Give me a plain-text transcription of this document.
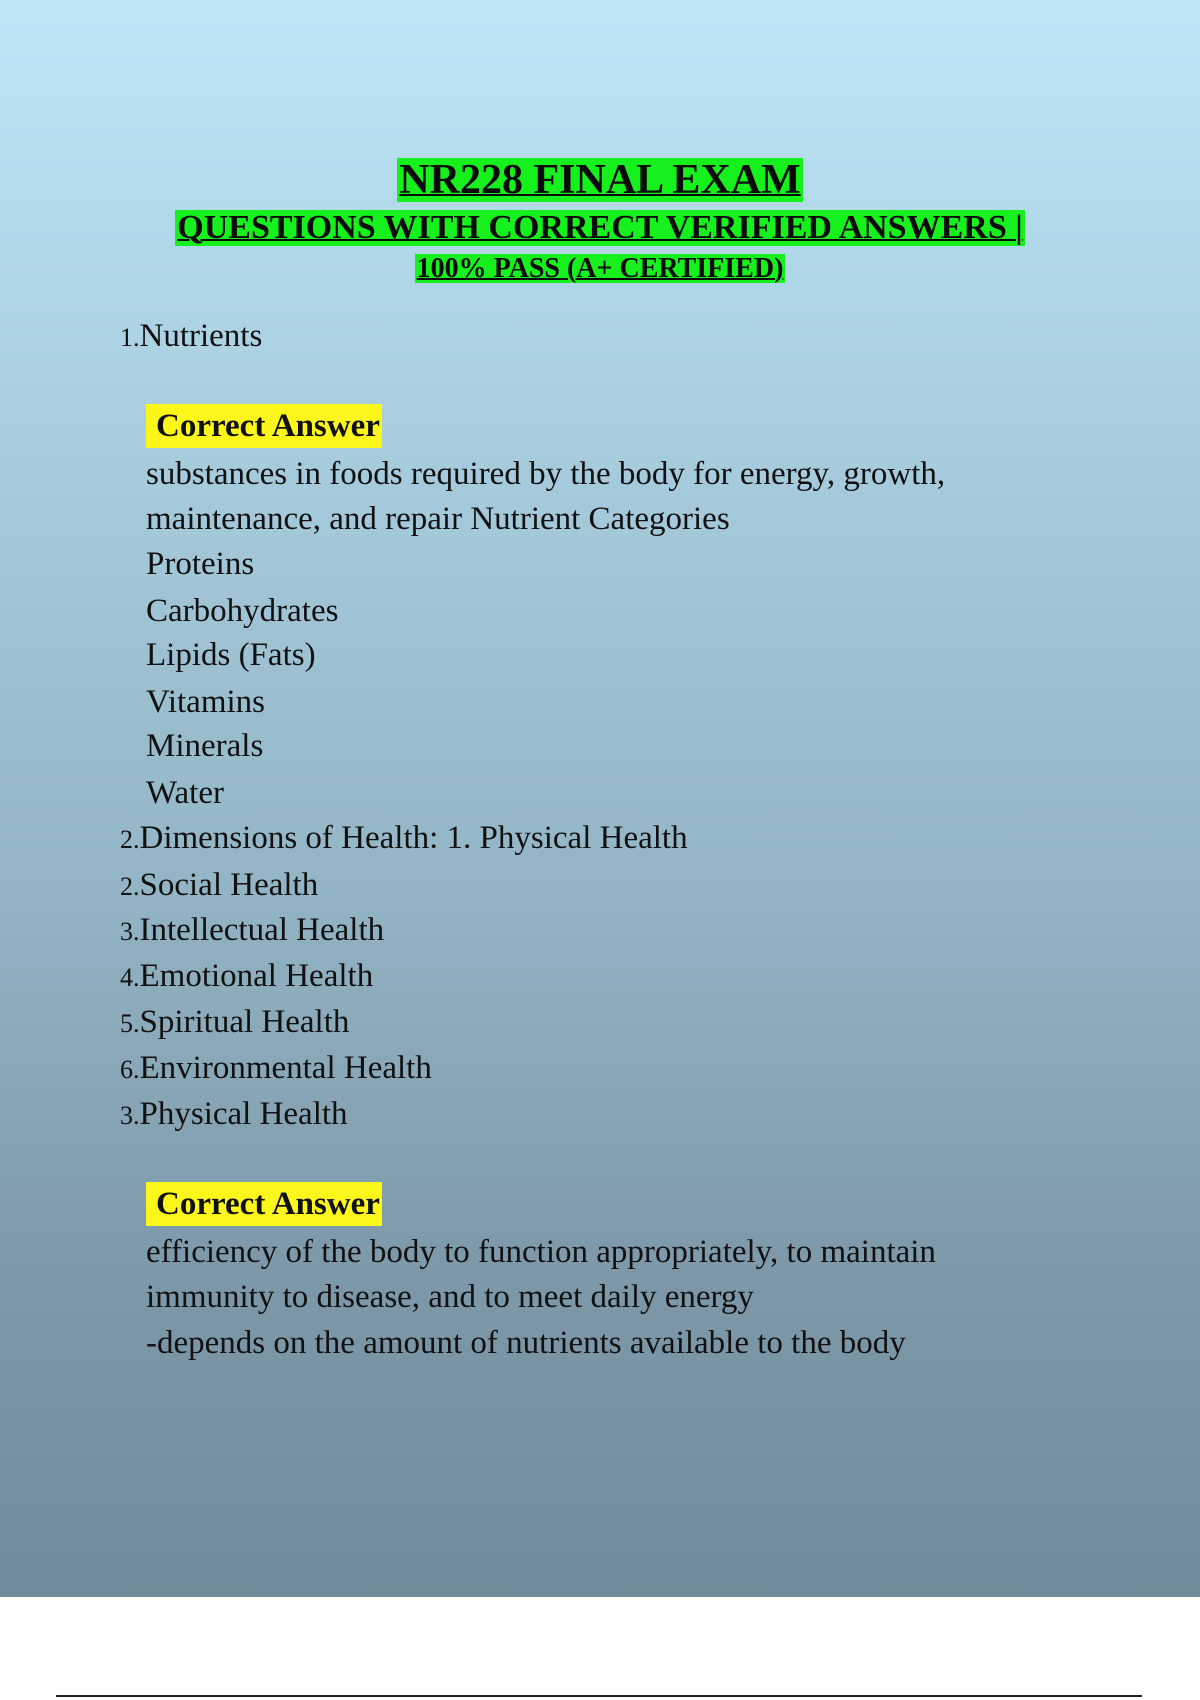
NR228 FINAL EXAM
QUESTIONS WITH CORRECT VERIFIED ANSWERS |
100% PASS (A+ CERTIFIED)
1.Nutrients
Correct Answer
substances in foods required by the body for energy, growth,
maintenance, and repair Nutrient Categories
Proteins
Carbohydrates
Lipids (Fats)
Vitamins
Minerals
Water
2.Dimensions of Health: 1. Physical Health
2.Social Health
3.Intellectual Health
4.Emotional Health
5.Spiritual Health
6.Environmental Health
3.Physical Health
Correct Answer
efficiency of the body to function appropriately, to maintain
immunity to disease, and to meet daily energy
-depends on the amount of nutrients available to the body
